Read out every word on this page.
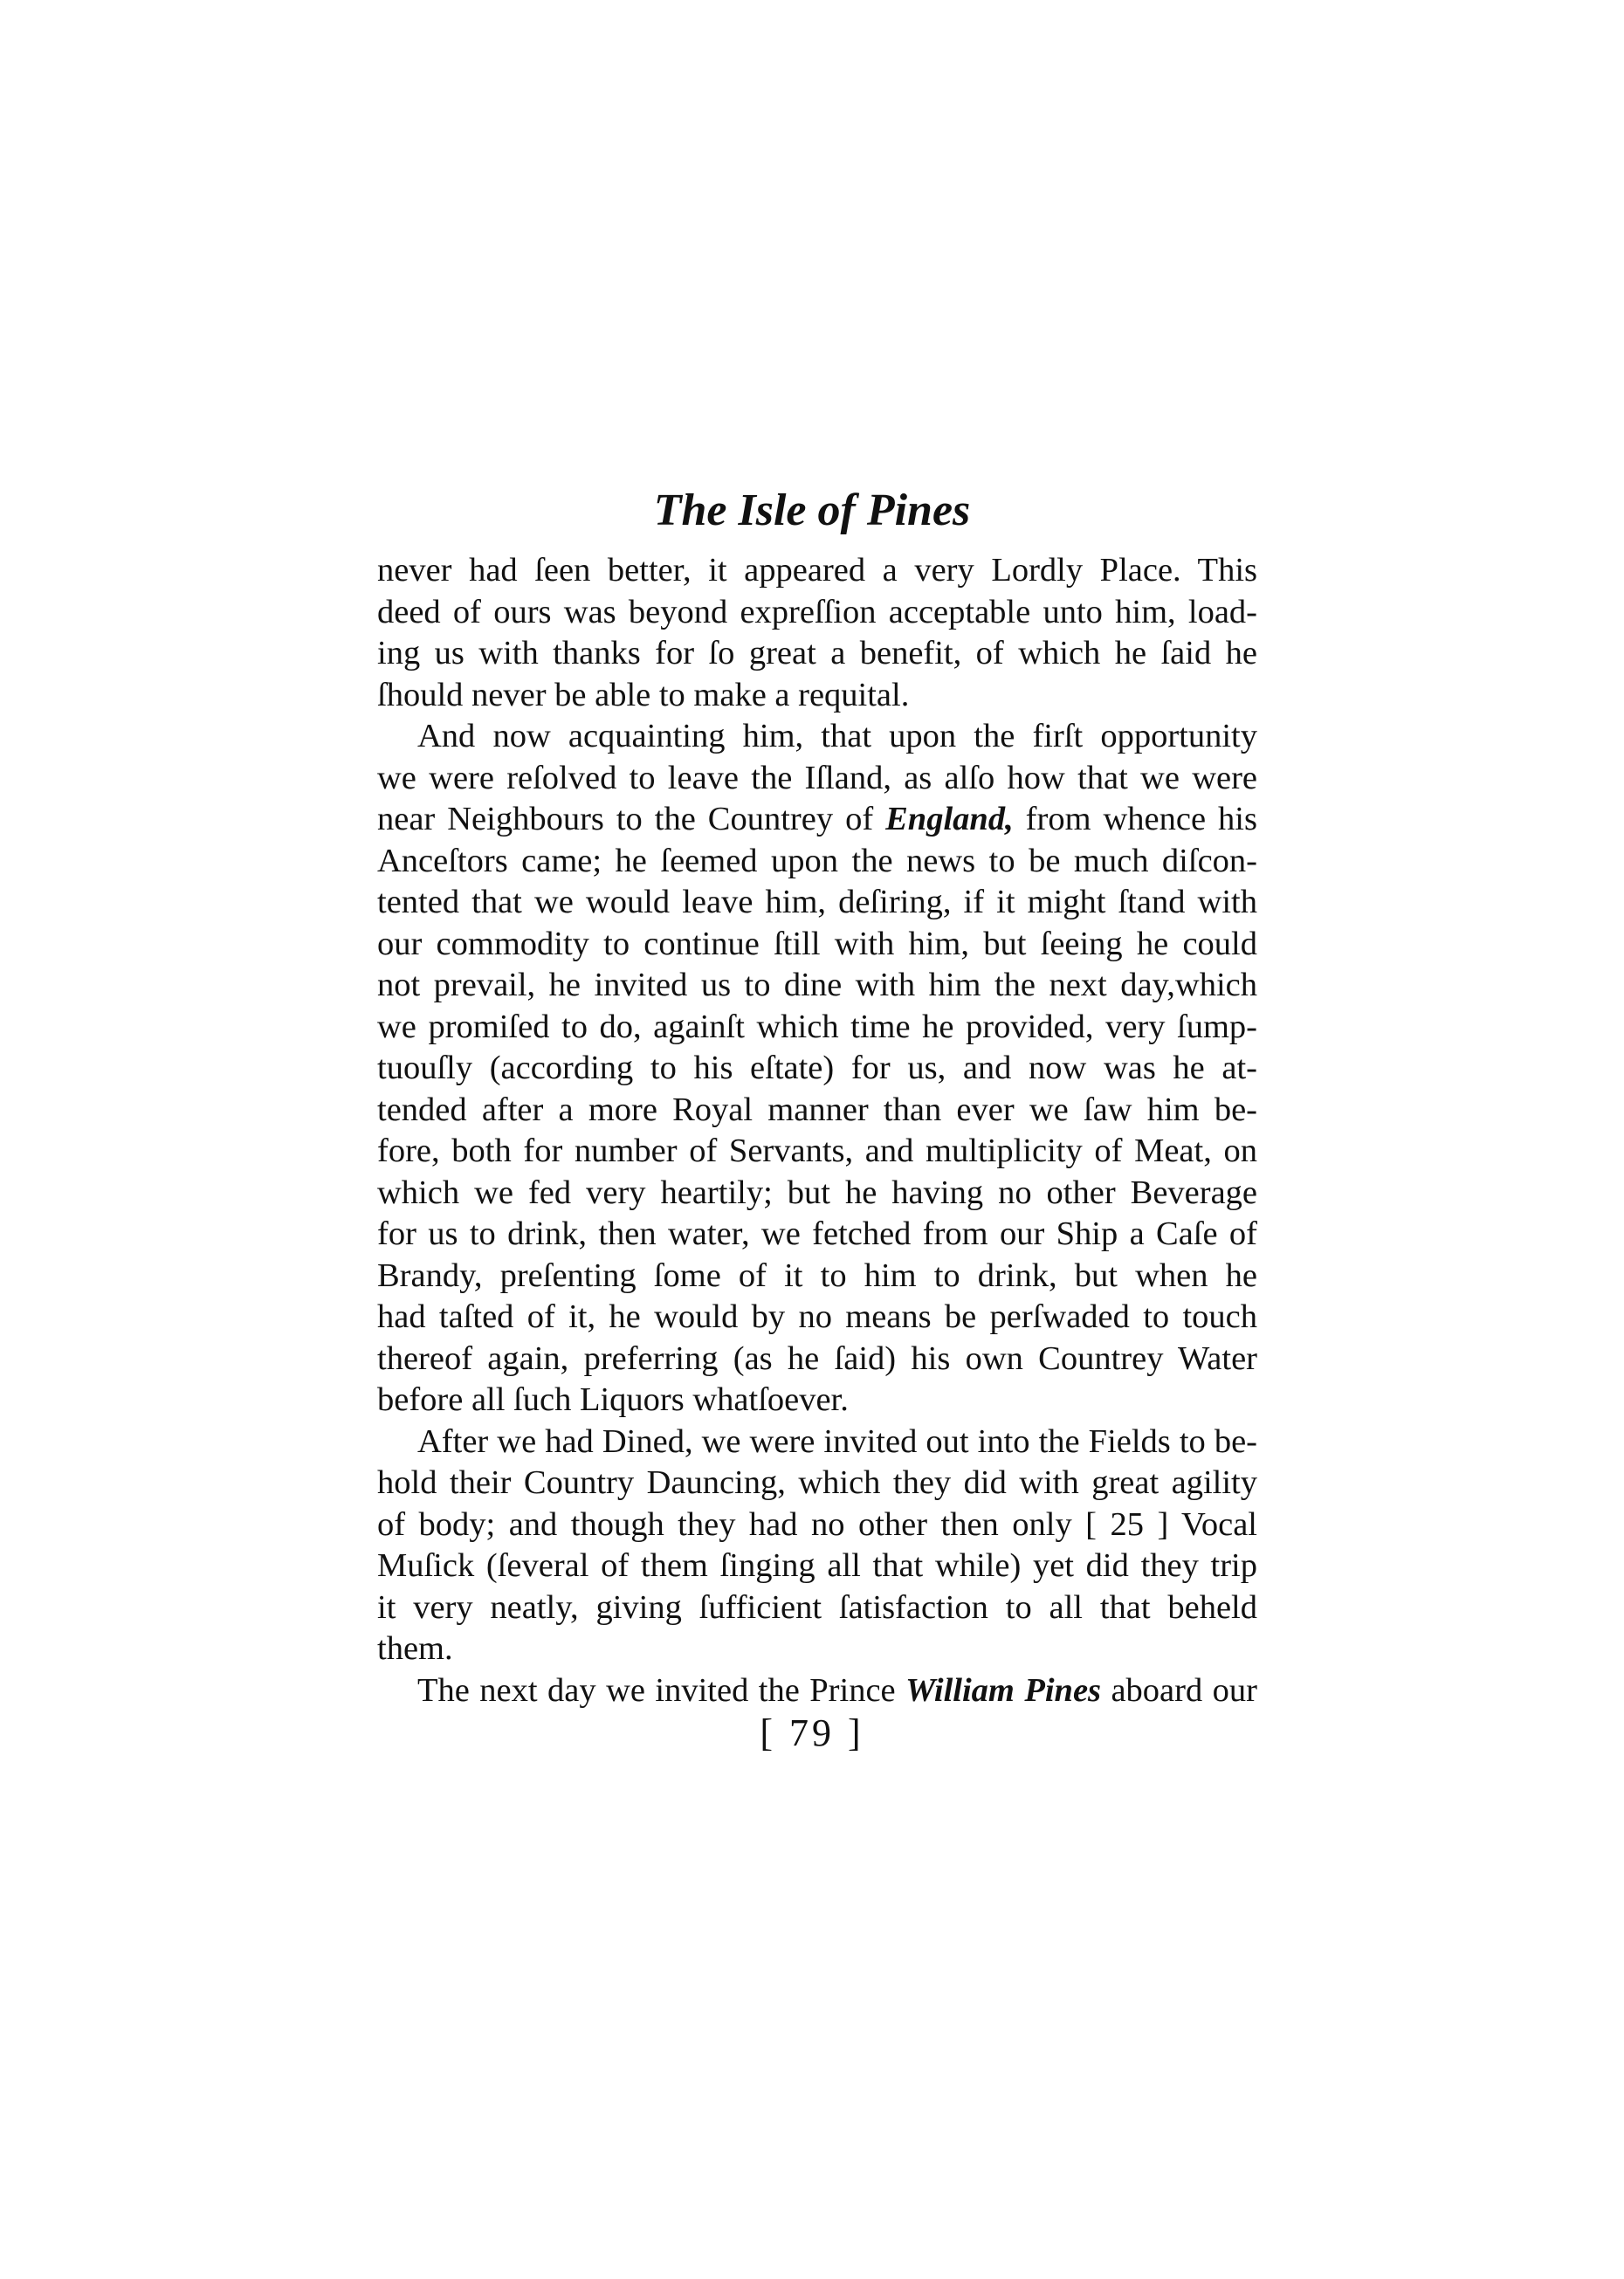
The Isle of Pines
never had ſeen better, it appeared a very Lordly Place. This
deed of ours was beyond expreſſion acceptable unto him, load-
ing us with thanks for ſo great a benefit, of which he ſaid he
ſhould never be able to make a requital.
And now acquainting him, that upon the firſt opportunity
we were reſolved to leave the Iſland, as alſo how that we were
near Neighbours to the Countrey of England, from whence his
Anceſtors came; he ſeemed upon the news to be much diſcon-
tented that we would leave him, deſiring, if it might ſtand with
our commodity to continue ſtill with him, but ſeeing he could
not prevail, he invited us to dine with him the next day,which
we promiſed to do, againſt which time he provided, very ſump-
tuouſly (according to his eſtate) for us, and now was he at-
tended after a more Royal manner than ever we ſaw him be-
fore, both for number of Servants, and multiplicity of Meat, on
which we fed very heartily; but he having no other Beverage
for us to drink, then water, we fetched from our Ship a Caſe of
Brandy, preſenting ſome of it to him to drink, but when he
had taſted of it, he would by no means be perſwaded to touch
thereof again, preferring (as he ſaid) his own Countrey Water
before all ſuch Liquors whatſoever.
After we had Dined, we were invited out into the Fields to be-
hold their Country Dauncing, which they did with great agility
of body; and though they had no other then only [ 25 ] Vocal
Muſick (ſeveral of them ſinging all that while) yet did they trip
it very neatly, giving ſufficient ſatisfaction to all that beheld
them.
The next day we invited the Prince William Pines aboard our
[ 79 ]
